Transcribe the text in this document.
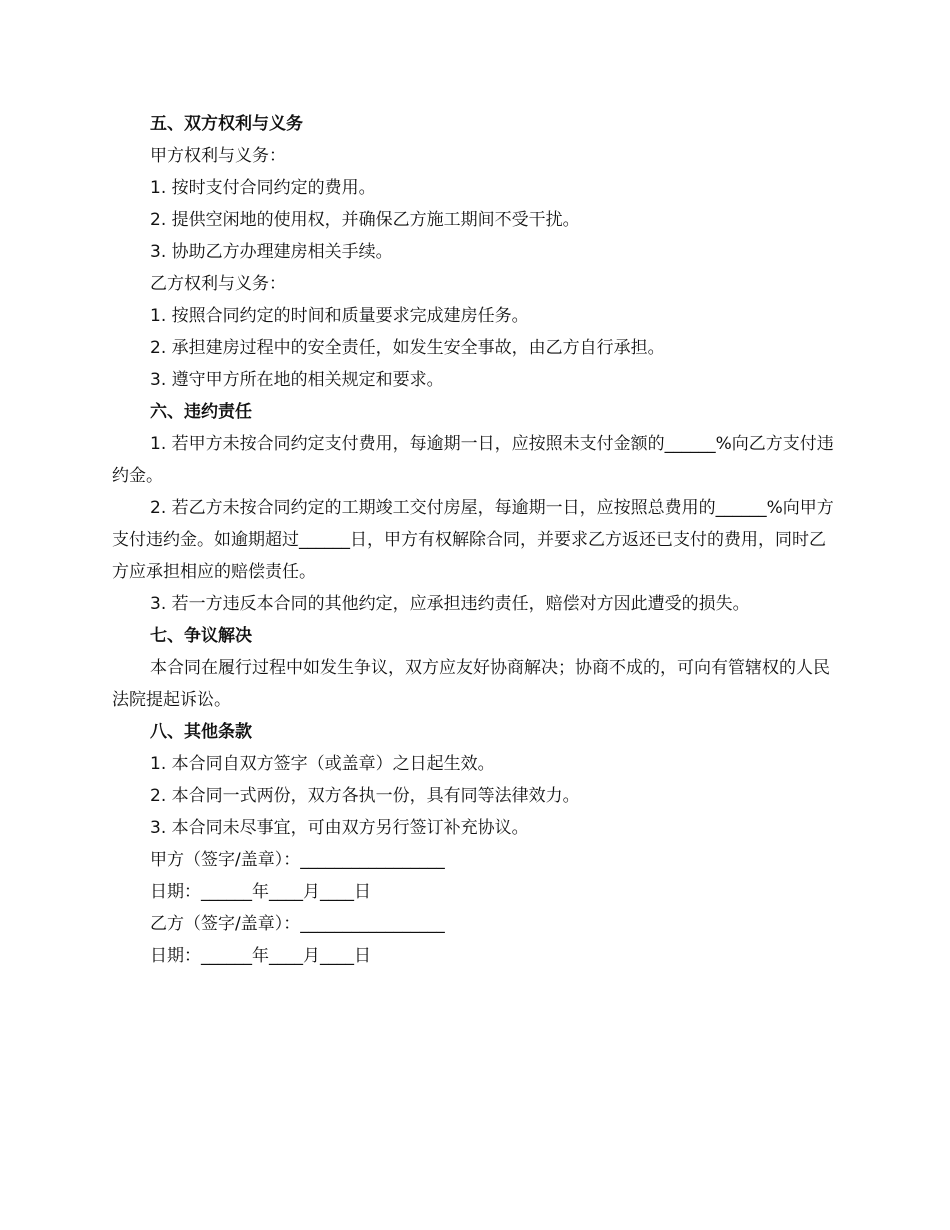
五、双方权利与义务

甲方权利与义务：

1. 按时支付合同约定的费用。

2. 提供空闲地的使用权，并确保乙方施工期间不受干扰。

3. 协助乙方办理建房相关手续。

乙方权利与义务：

1. 按照合同约定的时间和质量要求完成建房任务。

2. 承担建房过程中的安全责任，如发生安全事故，由乙方自行承担。

3. 遵守甲方所在地的相关规定和要求。

六、违约责任

1. 若甲方未按合同约定支付费用，每逾期一日，应按照未支付金额的______%向乙方支付违约金。

2. 若乙方未按合同约定的工期竣工交付房屋，每逾期一日，应按照总费用的______%向甲方支付违约金。如逾期超过______日，甲方有权解除合同，并要求乙方返还已支付的费用，同时乙方应承担相应的赔偿责任。

3. 若一方违反本合同的其他约定，应承担违约责任，赔偿对方因此遭受的损失。

七、争议解决

本合同在履行过程中如发生争议，双方应友好协商解决；协商不成的，可向有管辖权的人民法院提起诉讼。

八、其他条款

1. 本合同自双方签字（或盖章）之日起生效。

2. 本合同一式两份，双方各执一份，具有同等法律效力。

3. 本合同未尽事宜，可由双方另行签订补充协议。

甲方（签字/盖章）：_________________

日期：______年____月____日

乙方（签字/盖章）：_________________

日期：______年____月____日
